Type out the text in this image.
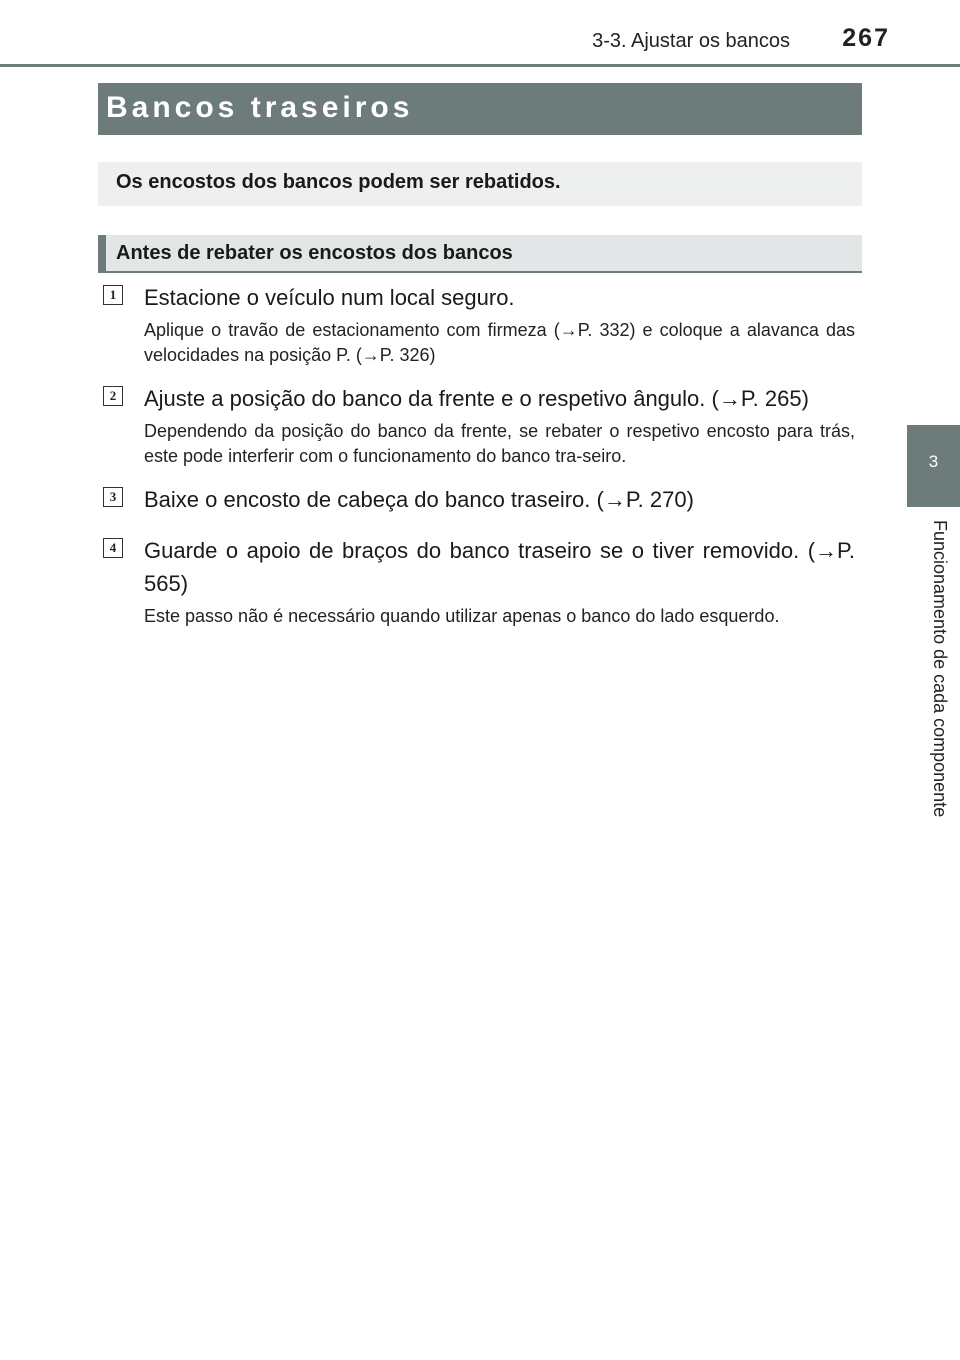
3-3. Ajustar os bancos 267
3
Funcionamento de cada componente
Bancos traseiros
Os encostos dos bancos podem ser rebatidos.
Antes de rebater os encostos dos bancos
1	Estacione o veículo num local seguro.
Aplique o travão de estacionamento com firmeza (→P. 332) e coloque a alavanca das velocidades na posição P. (→P. 326)
2	Ajuste a posição do banco da frente e o respetivo ângulo. (→P. 265)
Dependendo da posição do banco da frente, se rebater o respetivo encosto para trás, este pode interferir com o funcionamento do banco tra-seiro.
3	Baixe o encosto de cabeça do banco traseiro. (→P. 270)
4	Guarde o apoio de braços do banco traseiro se o tiver removido. (→P. 565)
Este passo não é necessário quando utilizar apenas o banco do lado esquerdo.
